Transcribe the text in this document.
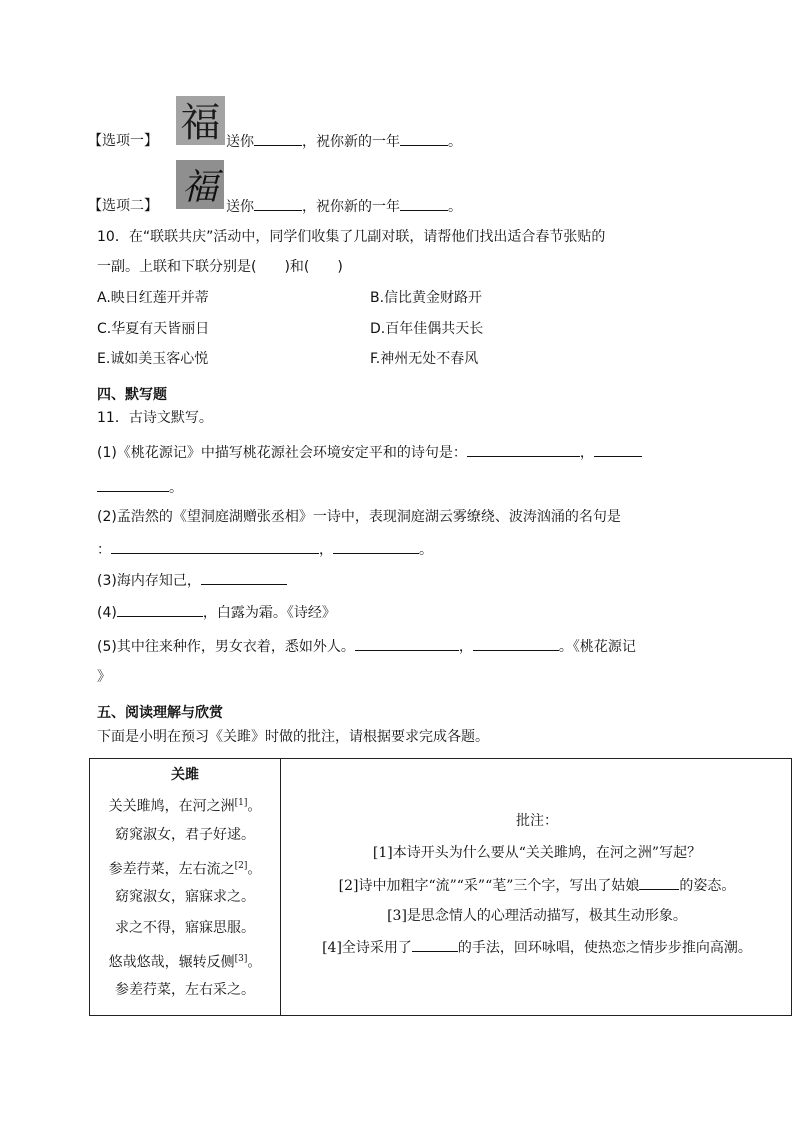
【选项一】 福 送你	，祝你新的一年	。
【选项二】 福 送你	，祝你新的一年	。
10．在“联联共庆”活动中，同学们收集了几副对联，请帮他们找出适合春节张贴的
一副。上联和下联分别是(　　)和(　　)
A.映日红莲开并蒂	B.信比黄金财路开
C.华夏有天皆丽日	D.百年佳偶共天长
E.诚如美玉客心悦	F.神州无处不春风
四、默写题
11．古诗文默写。
(1)《桃花源记》中描写桃花源社会环境安定平和的诗句是：	，
。
(2)孟浩然的《望洞庭湖赠张丞相》一诗中，表现洞庭湖云雾缭绕、波涛汹涌的名句是
：	，	。
(3)海内存知己，
(4)	，白露为霜。《诗经》
(5)其中往来种作，男女衣着，悉如外人。	，	。《桃花源记
》
五、阅读理解与欣赏
下面是小明在预习《关雎》时做的批注，请根据要求完成各题。
关雎
关关雎鸠，在河之洲[1]。
窈窕淑女，君子好逑。
参差荇菜，左右流之[2]。
窈窕淑女，寤寐求之。
求之不得，寤寐思服。
悠哉悠哉，辗转反侧[3]。
参差荇菜，左右采之。
批注：
[1]本诗开头为什么要从“关关雎鸠，在河之洲”写起？
[2]诗中加粗字“流”“采”“芼”三个字，写出了姑娘	的姿态。
[3]是思念情人的心理活动描写，极其生动形象。
[4]全诗采用了	的手法，回环咏唱，使热恋之情步步推向高潮。
